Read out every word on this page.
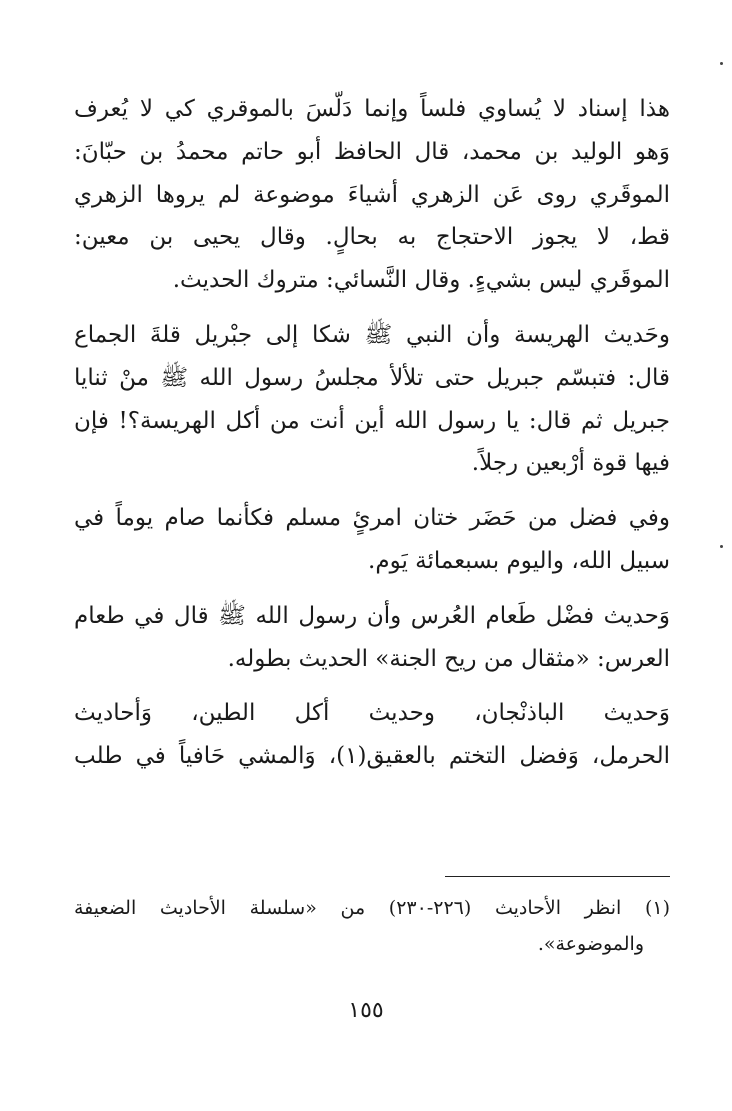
هذا إسناد لا يُساوي فلساً وإنما دَلّسَ بالموقري كي لا يُعرف
وَهو الوليد بن محمد، قال الحافظ أبو حاتم محمدُ بن حبّانَ:
الموقَري روى عَن الزهري أشياءَ موضوعة لم يروها الزهري
قط، لا يجوز الاحتجاج به بحالٍ. وقال يحيى بن معين:
الموقَري ليس بشيءٍ. وقال النَّسائي: متروك الحديث.

وحَديث الهريسة وأن النبي ﷺ شكا إلى جبْريل قلةَ الجماع
قال: فتبسّم جبريل حتى تلألأ مجلسُ رسول الله ﷺ منْ ثنايا
جبريل ثم قال: يا رسول الله أين أنت من أكل الهريسة؟! فإن
فيها قوة أرْبعين رجلاً.

وفي فضل من حَضَر ختان امرئٍ مسلم فكأنما صام يوماً في
سبيل الله، واليوم بسبعمائة يَوم.

وَحديث فضْل طَعام العُرس وأن رسول الله ﷺ قال في طعام
العرس: «مثقال من ريح الجنة» الحديث بطوله.

وَحديث الباذنْجان، وحديث أكل الطين، وَأحاديث
الحرمل، وَفضل التختم بالعقيق(١)، وَالمشي حَافياً في طلب

(١) انظر الأحاديث (٢٢٦-٢٣٠) من «سلسلة الأحاديث الضعيفة
والموضوعة».
١٥٥
